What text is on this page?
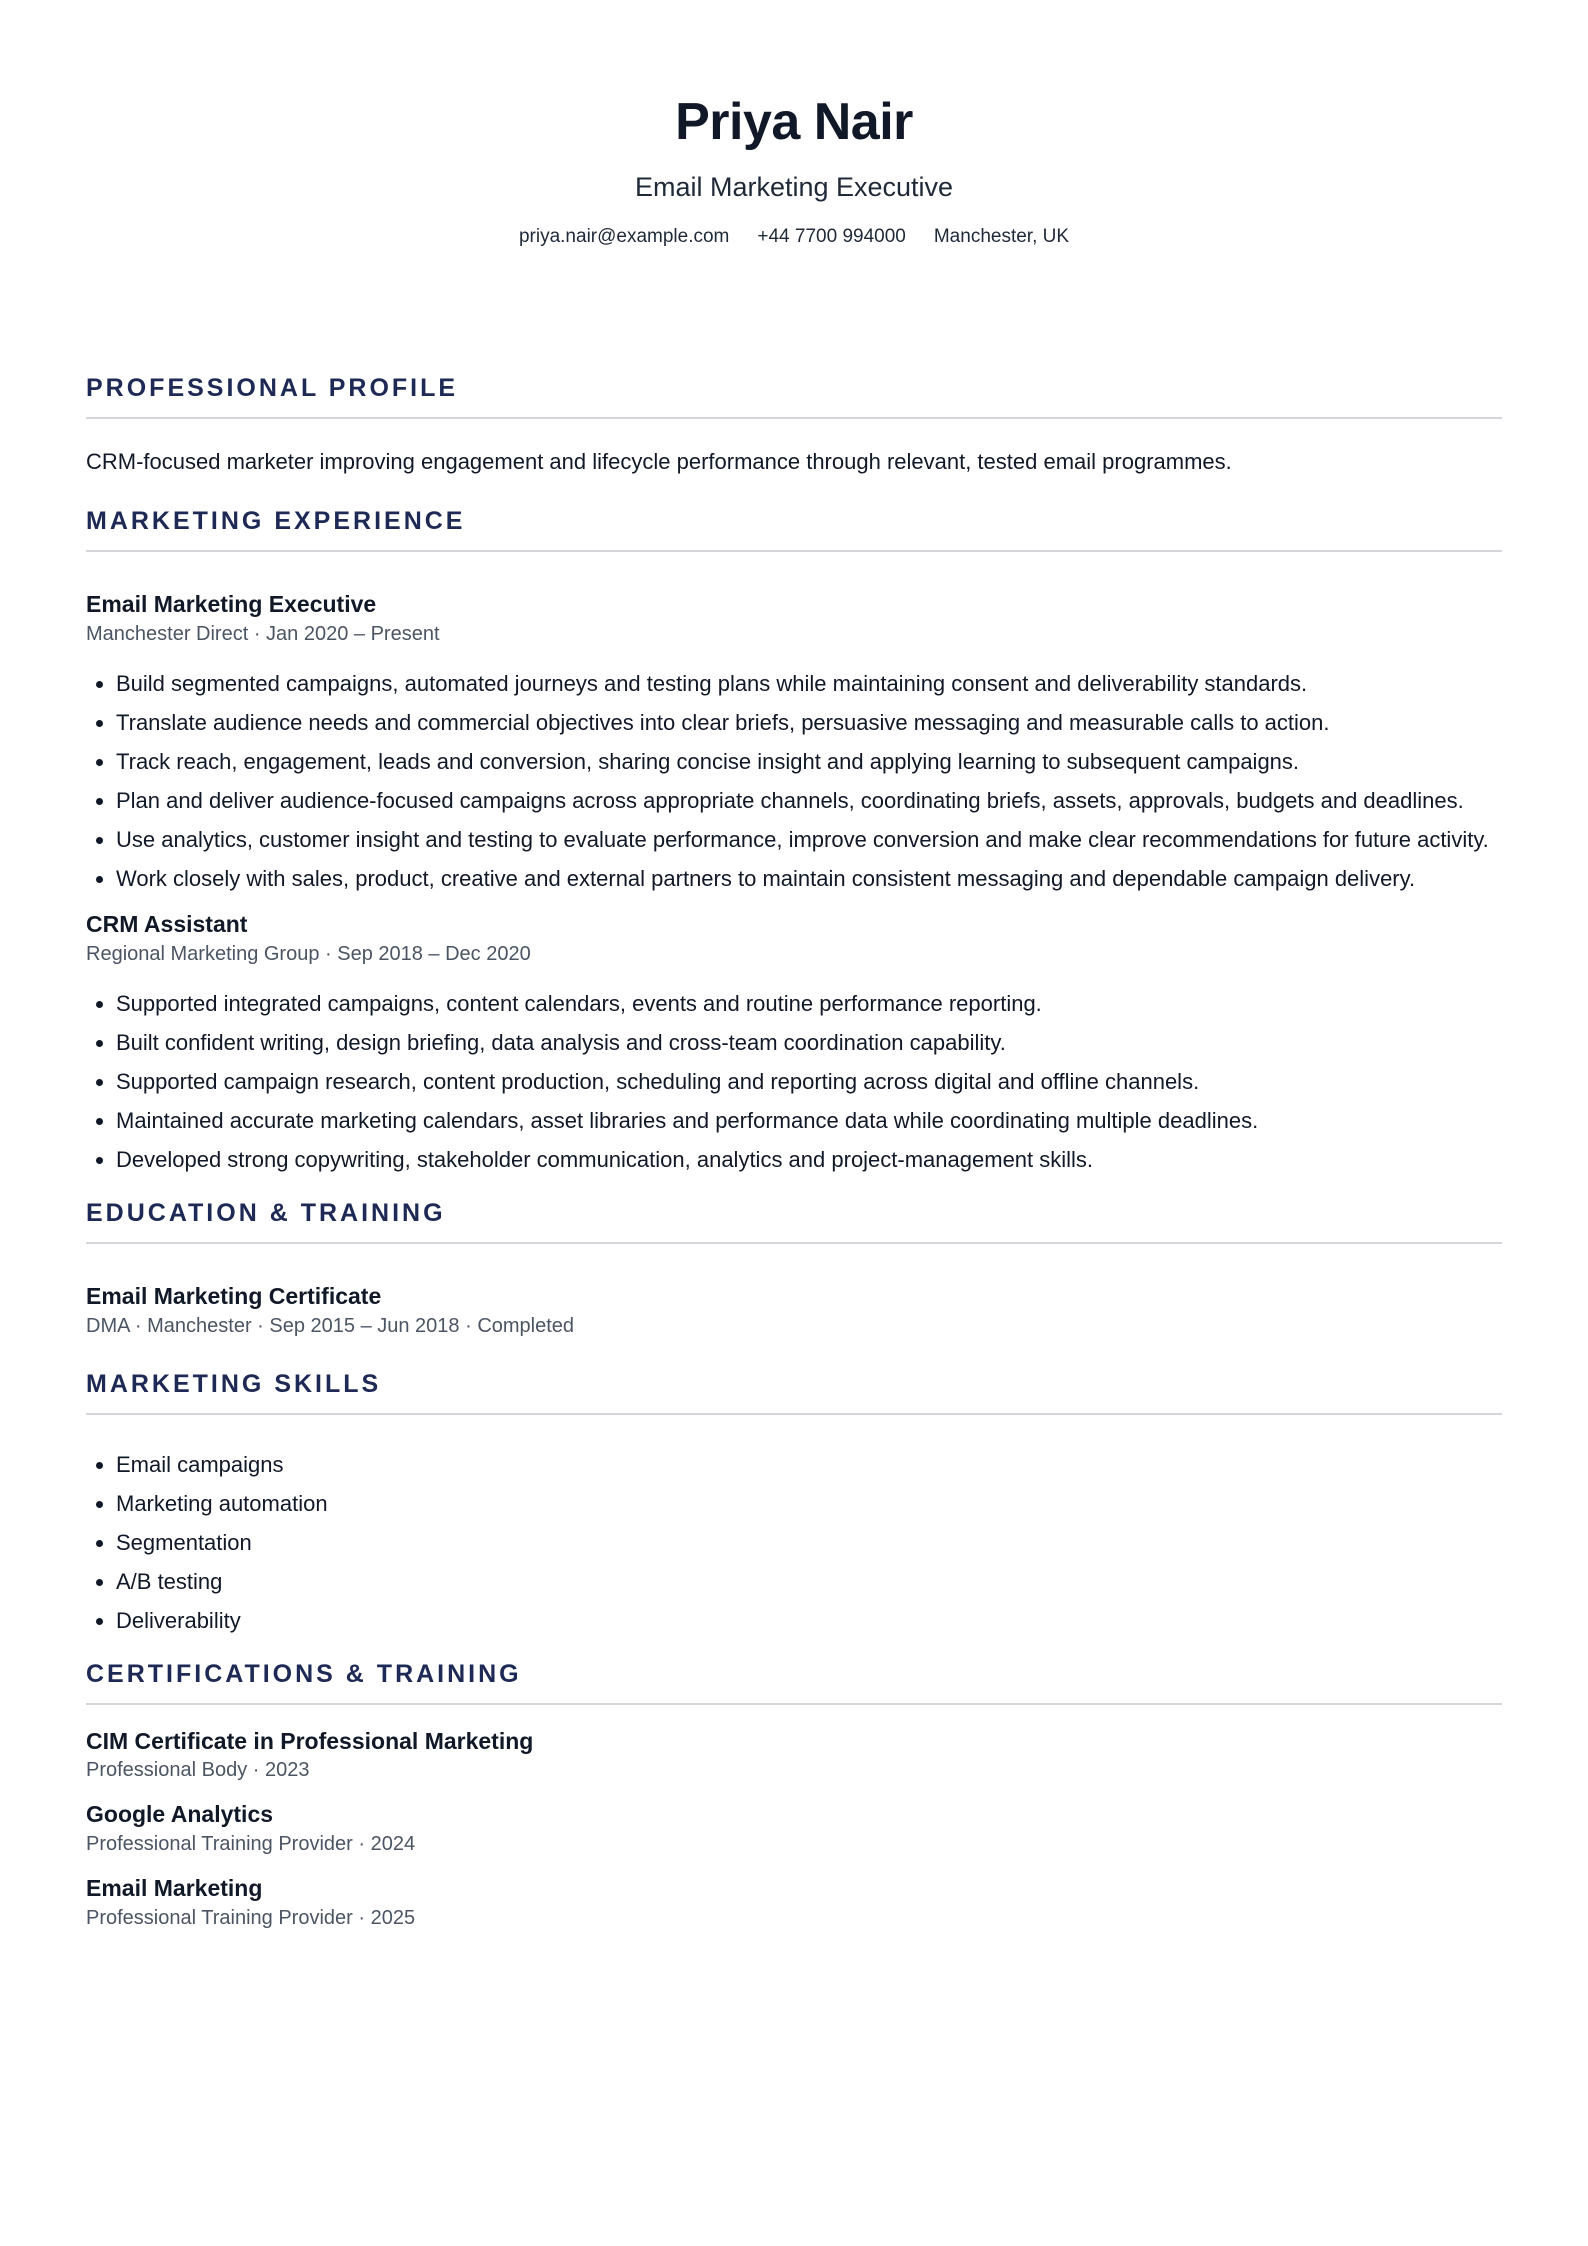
Priya Nair
Email Marketing Executive
priya.nair@example.com +44 7700 994000 Manchester, UK
PROFESSIONAL PROFILE
CRM-focused marketer improving engagement and lifecycle performance through relevant, tested email programmes.
MARKETING EXPERIENCE
Email Marketing Executive
Manchester Direct · Jan 2020 – Present
• Build segmented campaigns, automated journeys and testing plans while maintaining consent and deliverability standards.
• Translate audience needs and commercial objectives into clear briefs, persuasive messaging and measurable calls to action.
• Track reach, engagement, leads and conversion, sharing concise insight and applying learning to subsequent campaigns.
• Plan and deliver audience-focused campaigns across appropriate channels, coordinating briefs, assets, approvals, budgets and deadlines.
• Use analytics, customer insight and testing to evaluate performance, improve conversion and make clear recommendations for future activity.
• Work closely with sales, product, creative and external partners to maintain consistent messaging and dependable campaign delivery.
CRM Assistant
Regional Marketing Group · Sep 2018 – Dec 2020
• Supported integrated campaigns, content calendars, events and routine performance reporting.
• Built confident writing, design briefing, data analysis and cross-team coordination capability.
• Supported campaign research, content production, scheduling and reporting across digital and offline channels.
• Maintained accurate marketing calendars, asset libraries and performance data while coordinating multiple deadlines.
• Developed strong copywriting, stakeholder communication, analytics and project-management skills.
EDUCATION & TRAINING
Email Marketing Certificate
DMA · Manchester · Sep 2015 – Jun 2018 · Completed
MARKETING SKILLS
• Email campaigns
• Marketing automation
• Segmentation
• A/B testing
• Deliverability
CERTIFICATIONS & TRAINING
CIM Certificate in Professional Marketing
Professional Body · 2023
Google Analytics
Professional Training Provider · 2024
Email Marketing
Professional Training Provider · 2025
